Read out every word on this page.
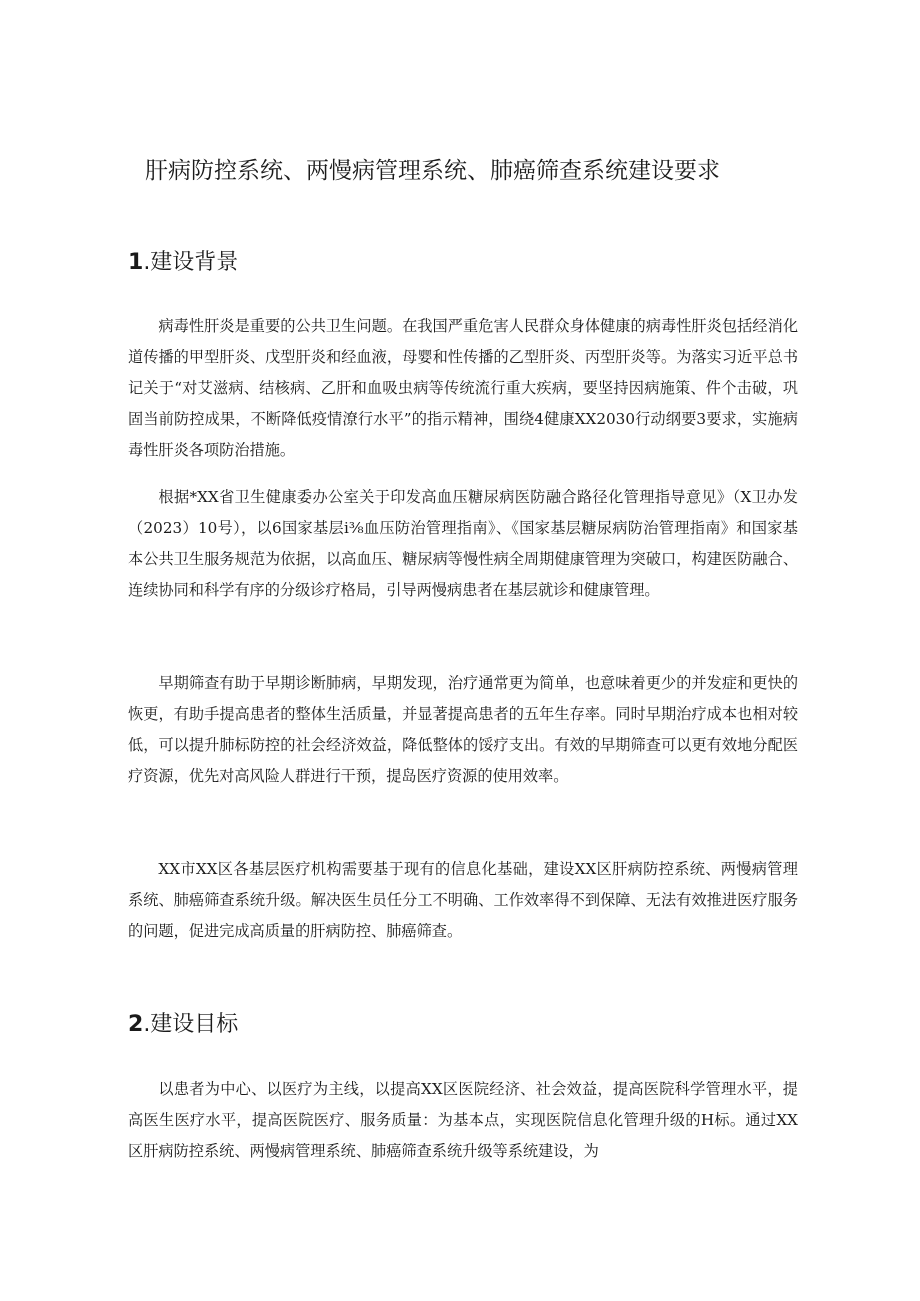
肝病防控系统、两慢病管理系统、肺癌筛查系统建设要求
1.建设背景

病毒性肝炎是重要的公共卫生问题。在我国严重危害人民群众身体健康的病毒性肝炎包括经消化道传播的甲型肝炎、戊型肝炎和经血液，母婴和性传播的乙型肝炎、丙型肝炎等。为落实习近平总书记关于“对艾滋病、结核病、乙肝和血吸虫病等传统流行重大疾病，要坚持因病施策、件个击破，巩固当前防控成果，不断降低疫情潦行水平”的指示精神，围绕4健康XX2030行动纲要3要求，实施病毒性肝炎各项防治措施。

根据*XX省卫生健康委办公室关于印发高血压糖尿病医防融合路径化管理指导意见》（X卫办发（2023）10号），以6国家基层i⅜血压防治管理指南》、《国家基层糖尿病防治管理指南》和国家基本公共卫生服务规范为依据，以高血压、糖尿病等慢性病全周期健康管理为突破口，构建医防融合、连续协同和科学有序的分级诊疗格局，引导两慢病患者在基层就诊和健康管理。

早期筛查有助于早期诊断肺病，早期发现，治疗通常更为简单，也意味着更少的并发症和更快的恢更，有助手提高患者的整体生活质量，并显著提高患者的五年生存率。同时早期治疗成本也相对较低，可以提升肺标防控的社会经济效益，降低整体的馁疗支出。有效的早期筛查可以更有效地分配医疗资源，优先对高风险人群进行干预，提岛医疗资源的使用效率。

XX市XX区各基层医疗机构需要基于现有的信息化基础，建设XX区肝病防控系统、两慢病管理系统、肺癌筛查系统升级。解决医生员任分工不明确、工作效率得不到保障、无法有效推进医疗服务的问题，促进完成高质量的肝病防控、肺癌筛查。

2.建设目标

以患者为中心、以医疗为主线，以提高XX区医院经济、社会效益，提高医院科学管理水平，提高医生医疗水平，提高医院医疗、服务质量：为基本点，实现医院信息化管理升级的H标。通过XX区肝病防控系统、两慢病管理系统、肺癌筛查系统升级等系统建设，为
